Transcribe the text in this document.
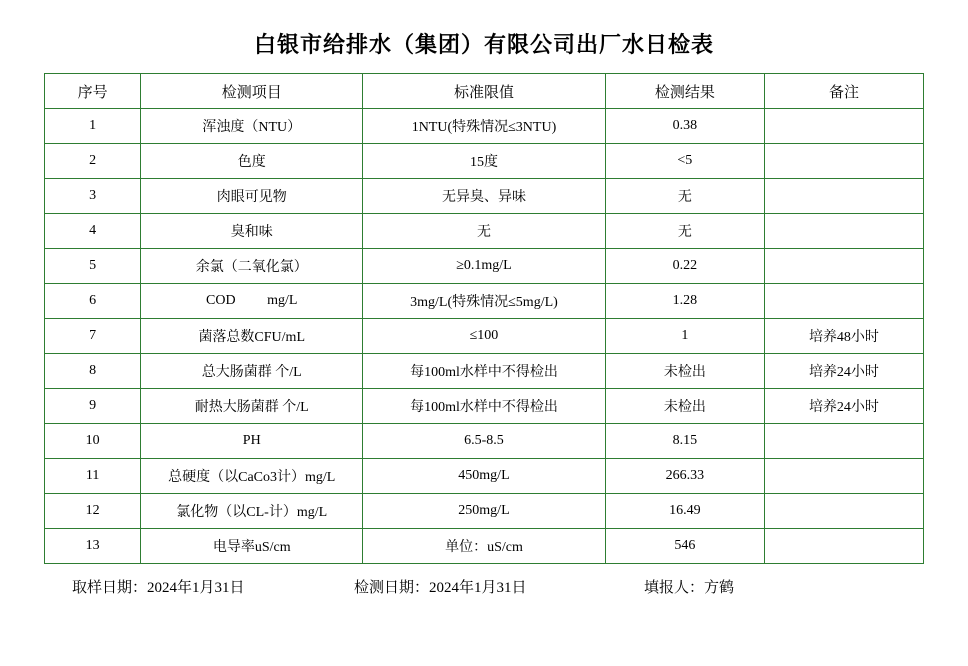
白银市给排水（集团）有限公司出厂水日检表
序号	检测项目	标准限值	检测结果	备注
1	浑浊度（NTU）	1NTU(特殊情况≤3NTU)	0.38	
2	色度	15度	<5	
3	肉眼可见物	无异臭、异味	无	
4	臭和味	无	无	
5	余氯（二氧化氯）	≥0.1mg/L	0.22	
6	COD         mg/L	3mg/L(特殊情况≤5mg/L)	1.28	
7	菌落总数CFU/mL	≤100	1	培养48小时
8	总大肠菌群 个/L	每100ml水样中不得检出	未检出	培养24小时
9	耐热大肠菌群 个/L	每100ml水样中不得检出	未检出	培养24小时
10	PH	6.5-8.5	8.15	
11	总硬度（以CaCo3计）mg/L	450mg/L	266.33	
12	氯化物（以CL-计）mg/L	250mg/L	16.49	
13	电导率uS/cm	单位：uS/cm	546	
取样日期：2024年1月31日	检测日期：2024年1月31日	填报人：方鹤
